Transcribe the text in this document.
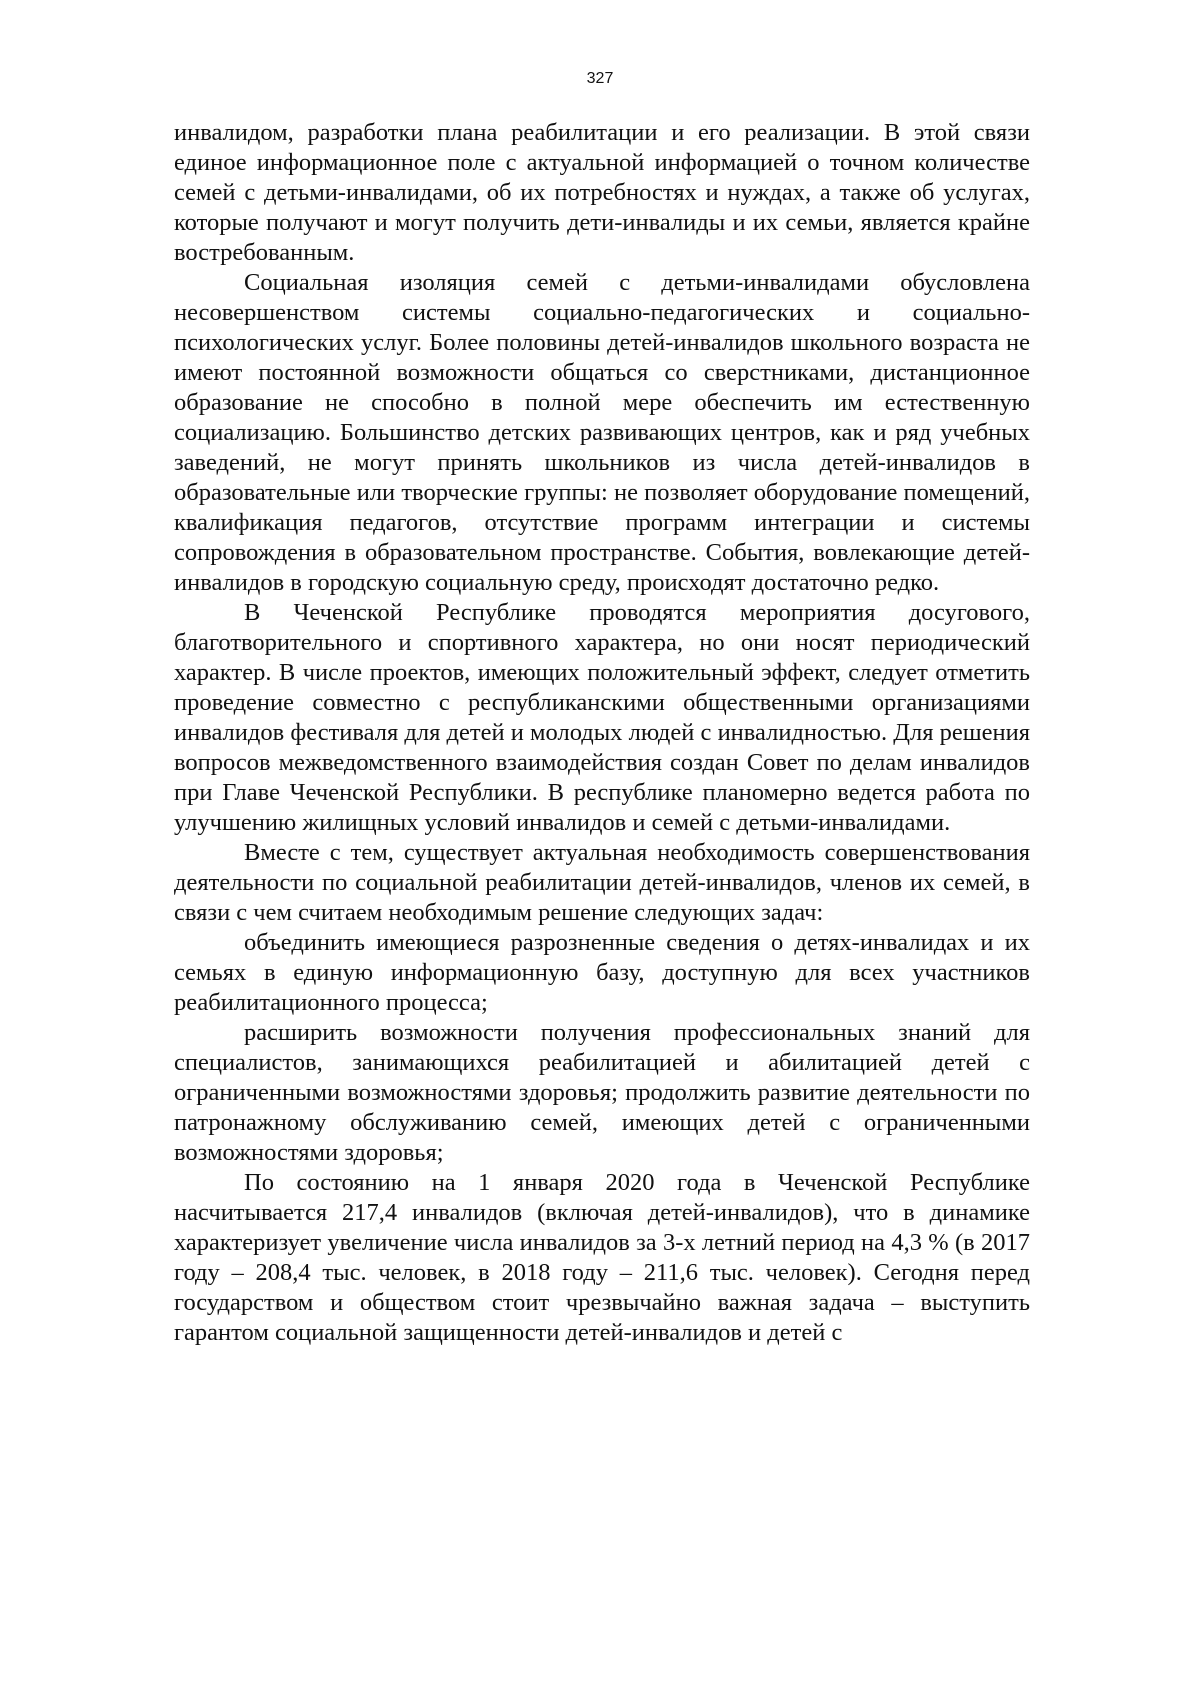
327

инвалидом, разработки плана реабилитации и его реализации. В этой связи единое информационное поле с актуальной информацией о точном количестве семей с детьми-инвалидами, об их потребностях и нуждах, а также об услугах, которые получают и могут получить дети-инвалиды и их семьи, является крайне востребованным.

Социальная изоляция семей с детьми-инвалидами обусловлена несовершенством системы социально-педагогических и социально-психологических услуг. Более половины детей-инвалидов школьного возраста не имеют постоянной возможности общаться со сверстниками, дистанционное образование не способно в полной мере обеспечить им естественную социализацию. Большинство детских развивающих центров, как и ряд учебных заведений, не могут принять школьников из числа детей-инвалидов в образовательные или творческие группы: не позволяет оборудование помещений, квалификация педагогов, отсутствие программ интеграции и системы сопровождения в образовательном пространстве. События, вовлекающие детей-инвалидов в городскую социальную среду, происходят достаточно редко.

В Чеченской Республике проводятся мероприятия досугового, благотворительного и спортивного характера, но они носят периодический характер. В числе проектов, имеющих положительный эффект, следует отметить проведение совместно с республиканскими общественными организациями инвалидов фестиваля для детей и молодых людей с инвалидностью. Для решения вопросов межведомственного взаимодействия создан Совет по делам инвалидов при Главе Чеченской Республики. В республике планомерно ведется работа по улучшению жилищных условий инвалидов и семей с детьми-инвалидами.

Вместе с тем, существует актуальная необходимость совершенствования деятельности по социальной реабилитации детей-инвалидов, членов их семей, в связи с чем считаем необходимым решение следующих задач:

объединить имеющиеся разрозненные сведения о детях-инвалидах и их семьях в единую информационную базу, доступную для всех участников реабилитационного процесса;

расширить возможности получения профессиональных знаний для специалистов, занимающихся реабилитацией и абилитацией детей с ограниченными возможностями здоровья; продолжить развитие деятельности по патронажному обслуживанию семей, имеющих детей с ограниченными возможностями здоровья;

По состоянию на 1 января 2020 года в Чеченской Республике насчитывается 217,4 инвалидов (включая детей-инвалидов), что в динамике характеризует увеличение числа инвалидов за 3-х летний период на 4,3 % (в 2017 году – 208,4 тыс. человек, в 2018 году – 211,6 тыс. человек). Сегодня перед государством и обществом стоит чрезвычайно важная задача – выступить гарантом социальной защищенности детей-инвалидов и детей с
